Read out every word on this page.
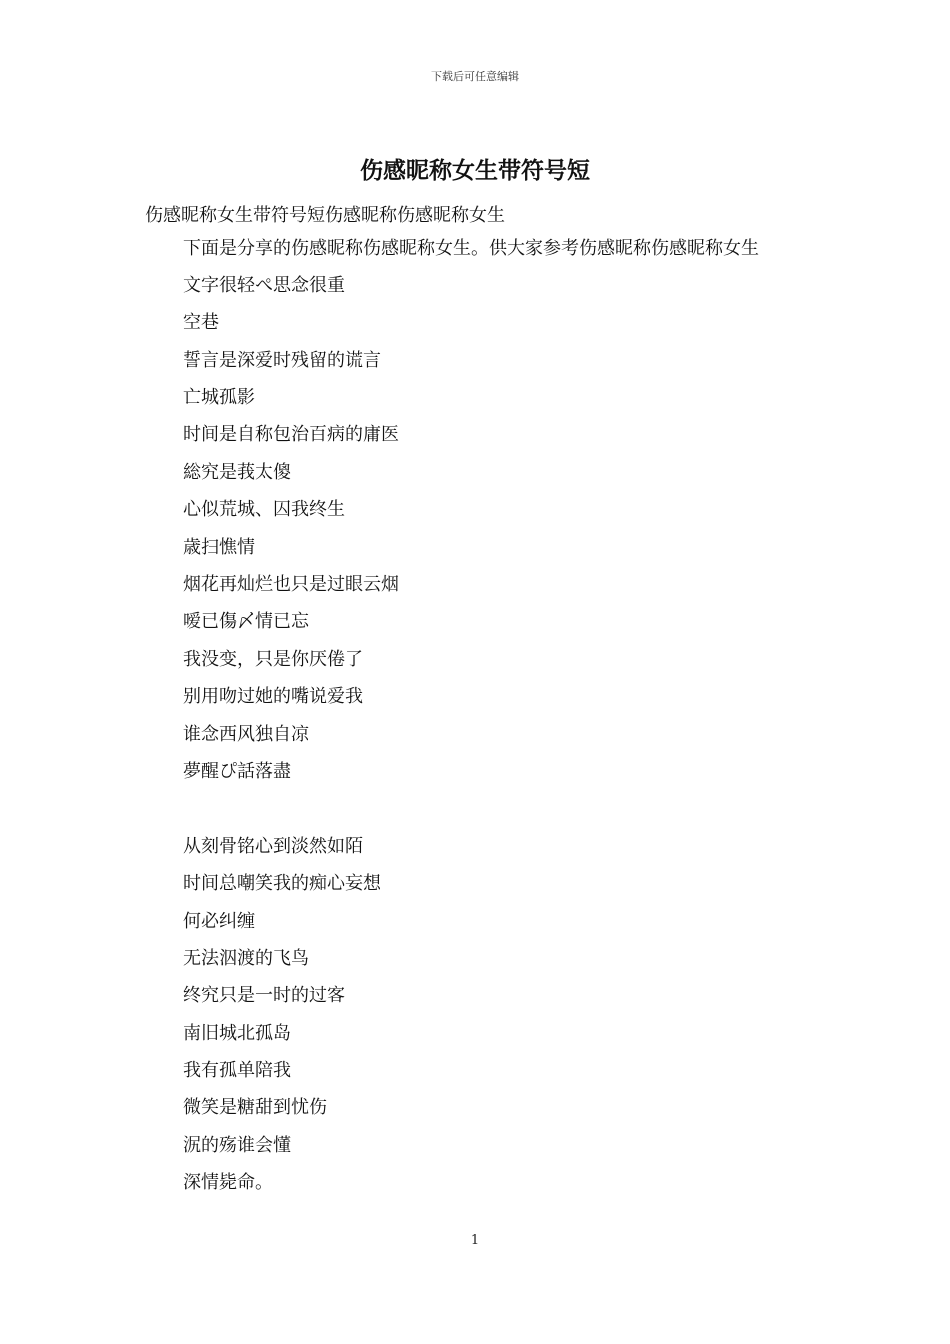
下载后可任意编辑
伤感昵称女生带符号短
伤感昵称女生带符号短伤感昵称伤感昵称女生
下面是分享的伤感昵称伤感昵称女生。供大家参考伤感昵称伤感昵称女生
文字很轻ぺ思念很重
空巷
誓言是深爱时残留的谎言
亡城孤影
时间是自称包治百病的庸医
総究是莪太傻
心似荒城、囚我终生
歳扫憔情
烟花再灿烂也只是过眼云烟
嗳已傷〆情已忘
我没变，只是你厌倦了
别用吻过她的嘴说爱我
谁念西风独自凉
夢醒ぴ話落盡
从刻骨铭心到淡然如陌
时间总嘲笑我的痴心妄想
何必纠缠
无法泅渡的飞鸟
终究只是一时的过客
南旧城北孤岛
我有孤单陪我
微笑是糖甜到忧伤
泦的殇谁会懂
深情毙命。
1
